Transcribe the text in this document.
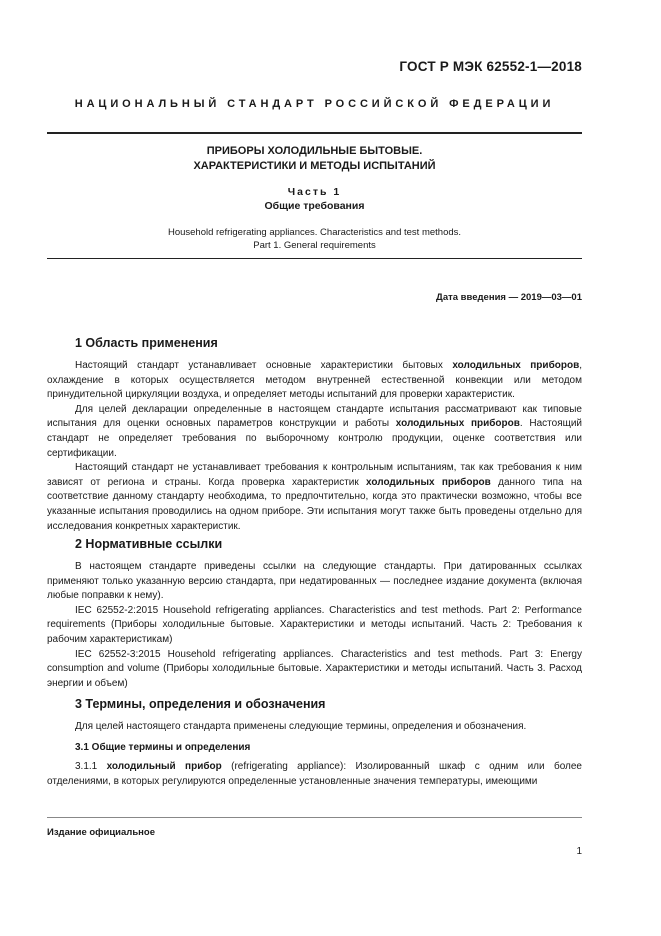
ГОСТ Р МЭК 62552-1—2018
НАЦИОНАЛЬНЫЙ СТАНДАРТ РОССИЙСКОЙ ФЕДЕРАЦИИ
ПРИБОРЫ ХОЛОДИЛЬНЫЕ БЫТОВЫЕ.
ХАРАКТЕРИСТИКИ И МЕТОДЫ ИСПЫТАНИЙ
Часть 1
Общие требования
Household refrigerating appliances. Characteristics and test methods.
Part 1. General requirements
Дата введения — 2019—03—01
1 Область применения

Настоящий стандарт устанавливает основные характеристики бытовых холодильных приборов, охлаждение в которых осуществляется методом внутренней естественной конвекции или методом принудительной циркуляции воздуха, и определяет методы испытаний для проверки характеристик.

Для целей декларации определенные в настоящем стандарте испытания рассматривают как типовые испытания для оценки основных параметров конструкции и работы холодильных приборов. Настоящий стандарт не определяет требования по выборочному контролю продукции, оценке соответствия или сертификации.

Настоящий стандарт не устанавливает требования к контрольным испытаниям, так как требования к ним зависят от региона и страны. Когда проверка характеристик холодильных приборов данного типа на соответствие данному стандарту необходима, то предпочтительно, когда это практически возможно, чтобы все указанные испытания проводились на одном приборе. Эти испытания могут также быть проведены отдельно для исследования конкретных характеристик.

2 Нормативные ссылки

В настоящем стандарте приведены ссылки на следующие стандарты. При датированных ссылках применяют только указанную версию стандарта, при недатированных — последнее издание документа (включая любые поправки к нему).

IEC 62552-2:2015 Household refrigerating appliances. Characteristics and test methods. Part 2: Performance requirements (Приборы холодильные бытовые. Характеристики и методы испытаний. Часть 2: Требования к рабочим характеристикам)

IEC 62552-3:2015 Household refrigerating appliances. Characteristics and test methods. Part 3: Energy consumption and volume (Приборы холодильные бытовые. Характеристики и методы испытаний. Часть 3. Расход энергии и объем)

3 Термины, определения и обозначения

Для целей настоящего стандарта применены следующие термины, определения и обозначения.

3.1 Общие термины и определения

3.1.1 холодильный прибор (refrigerating appliance): Изолированный шкаф с одним или более отделениями, в которых регулируются определенные установленные значения температуры, имеющими

Издание официальное
1
